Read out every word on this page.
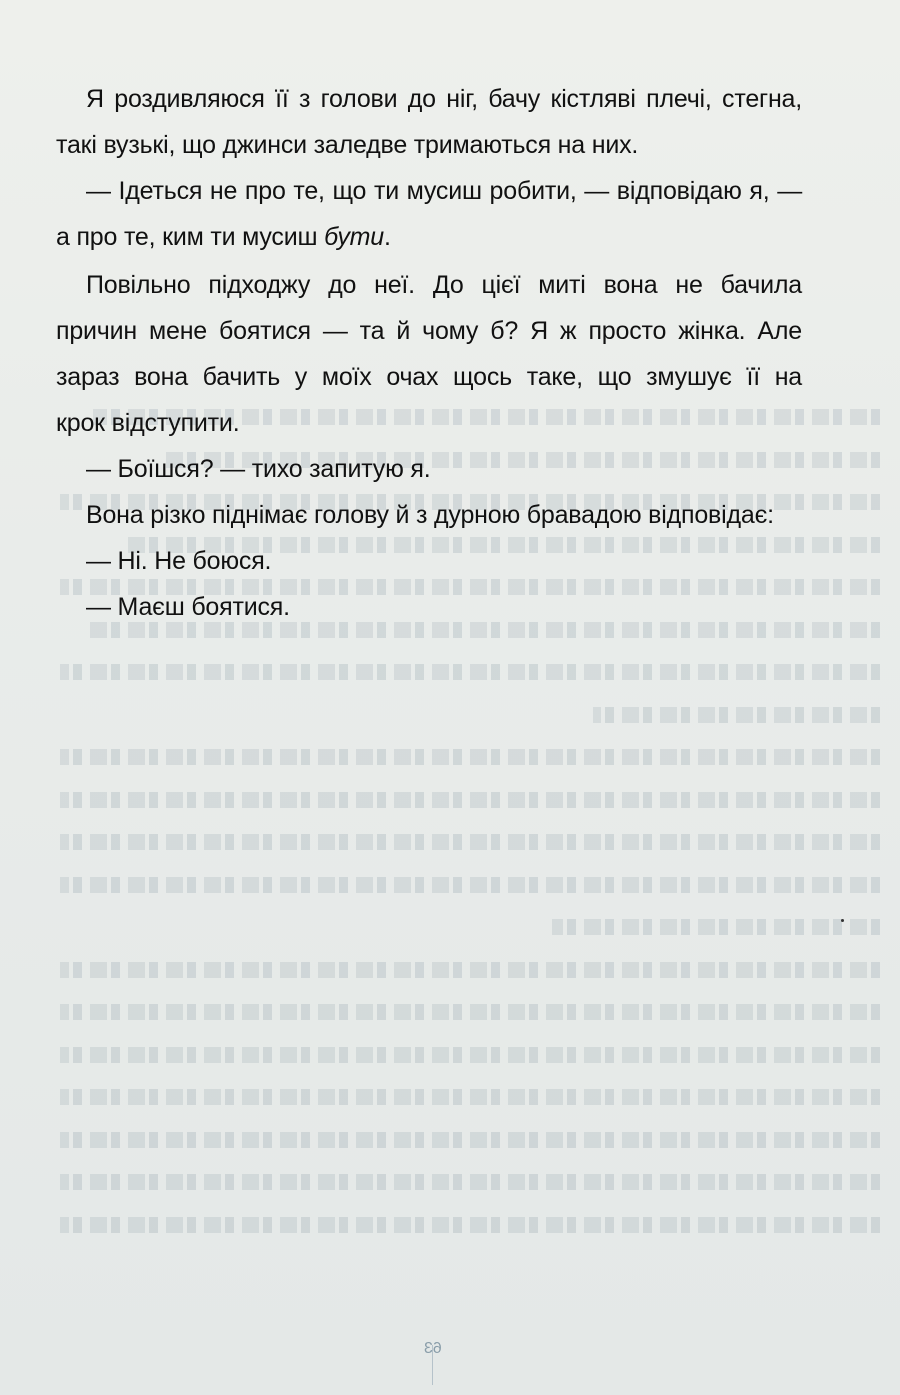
Я роздивляюся її з голови до ніг, бачу кістляві плечі, стегна,
такі вузькі, що джинси заледве тримаються на них.

— Ідеться не про те, що ти мусиш робити, — відповідаю я, —
а про те, ким ти мусиш бути.

Повільно підходжу до неї. До цієї миті вона не бачила
причин мене боятися — та й чому б? Я ж просто жінка. Але
зараз вона бачить у моїх очах щось таке, що змушує її на
крок відступити.

— Боїшся? — тихо запитую я.

Вона різко піднімає голову й з дурною бравадою відповідає:

— Ні. Не боюся.

— Маєш боятися.

63
